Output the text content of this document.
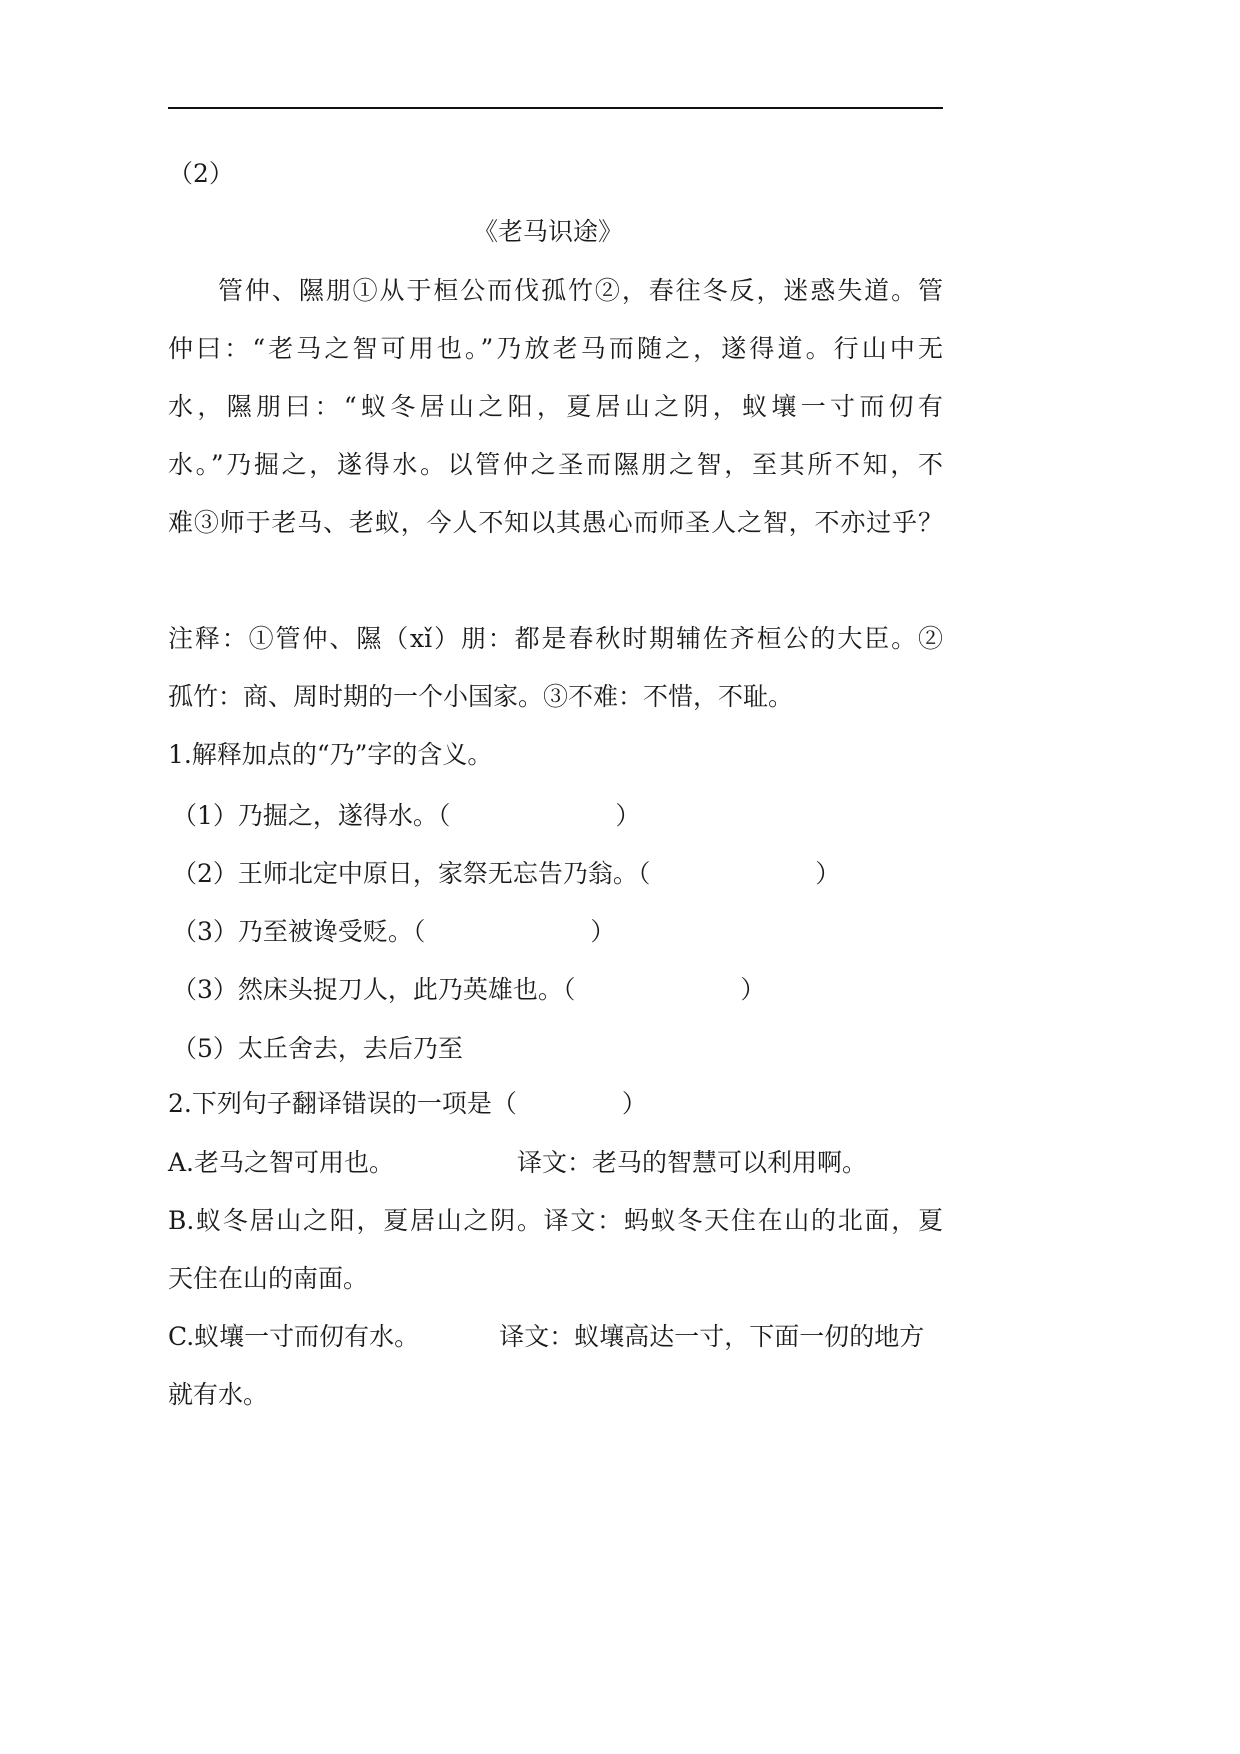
（2）
《老马识途》
管仲、隰朋①从于桓公而伐孤竹②，春往冬反，迷惑失道。管
仲曰：“老马之智可用也。”乃放老马而随之，遂得道。行山中无
水，隰朋曰：“蚁冬居山之阳，夏居山之阴，蚁壤一寸而仞有
水。”乃掘之，遂得水。以管仲之圣而隰朋之智，至其所不知，不
难③师于老马、老蚁，今人不知以其愚心而师圣人之智，不亦过乎？
注释：①管仲、隰（xǐ）朋：都是春秋时期辅佐齐桓公的大臣。②
孤竹：商、周时期的一个小国家。③不难：不惜，不耻。
1.解释加点的“乃”字的含义。
（1）乃掘之，遂得水。（	）
（2）王师北定中原日，家祭无忘告乃翁。（	）
（3）乃至被谗受贬。（	）
（3）然床头捉刀人，此乃英雄也。（	）
（5）太丘舍去，去后乃至
2.下列句子翻译错误的一项是（	）
A.老马之智可用也。	译文：老马的智慧可以利用啊。
B.蚁冬居山之阳，夏居山之阴。译文：蚂蚁冬天住在山的北面，夏
天住在山的南面。
C.蚁壤一寸而仞有水。	译文：蚁壤高达一寸，下面一仞的地方
就有水。
